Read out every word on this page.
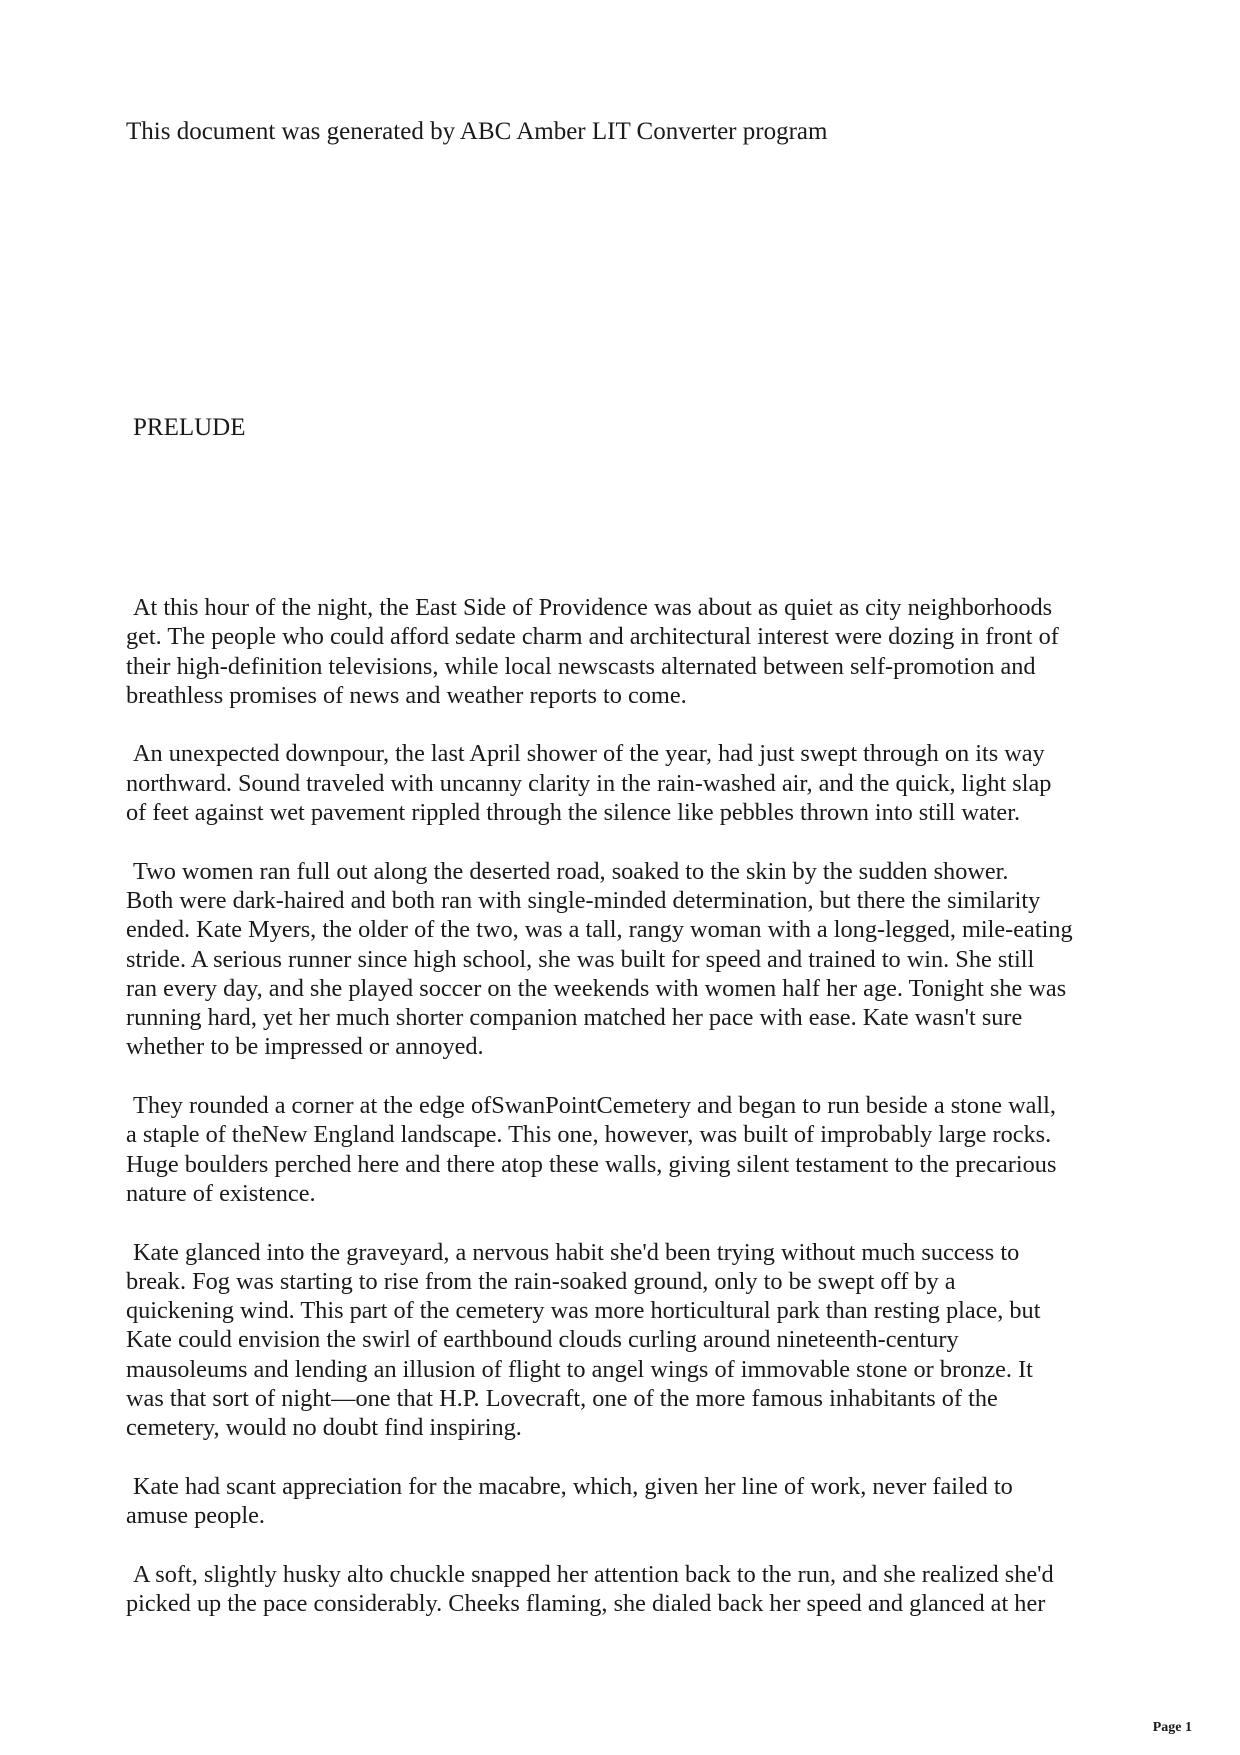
This document was generated by ABC Amber LIT Converter program
PRELUDE

At this hour of the night, the East Side of Providence was about as quiet as city neighborhoods
get. The people who could afford sedate charm and architectural interest were dozing in front of
their high-definition televisions, while local newscasts alternated between self-promotion and
breathless promises of news and weather reports to come.

An unexpected downpour, the last April shower of the year, had just swept through on its way
northward. Sound traveled with uncanny clarity in the rain-washed air, and the quick, light slap
of feet against wet pavement rippled through the silence like pebbles thrown into still water.

Two women ran full out along the deserted road, soaked to the skin by the sudden shower.
Both were dark-haired and both ran with single-minded determination, but there the similarity
ended. Kate Myers, the older of the two, was a tall, rangy woman with a long-legged, mile-eating
stride. A serious runner since high school, she was built for speed and trained to win. She still
ran every day, and she played soccer on the weekends with women half her age. Tonight she was
running hard, yet her much shorter companion matched her pace with ease. Kate wasn't sure
whether to be impressed or annoyed.

They rounded a corner at the edge ofSwanPointCemetery and began to run beside a stone wall,
a staple of theNew England landscape. This one, however, was built of improbably large rocks.
Huge boulders perched here and there atop these walls, giving silent testament to the precarious
nature of existence.

Kate glanced into the graveyard, a nervous habit she'd been trying without much success to
break. Fog was starting to rise from the rain-soaked ground, only to be swept off by a
quickening wind. This part of the cemetery was more horticultural park than resting place, but
Kate could envision the swirl of earthbound clouds curling around nineteenth-century
mausoleums and lending an illusion of flight to angel wings of immovable stone or bronze. It
was that sort of night—one that H.P. Lovecraft, one of the more famous inhabitants of the
cemetery, would no doubt find inspiring.

Kate had scant appreciation for the macabre, which, given her line of work, never failed to
amuse people.

A soft, slightly husky alto chuckle snapped her attention back to the run, and she realized she'd
picked up the pace considerably. Cheeks flaming, she dialed back her speed and glanced at her

Page 1
